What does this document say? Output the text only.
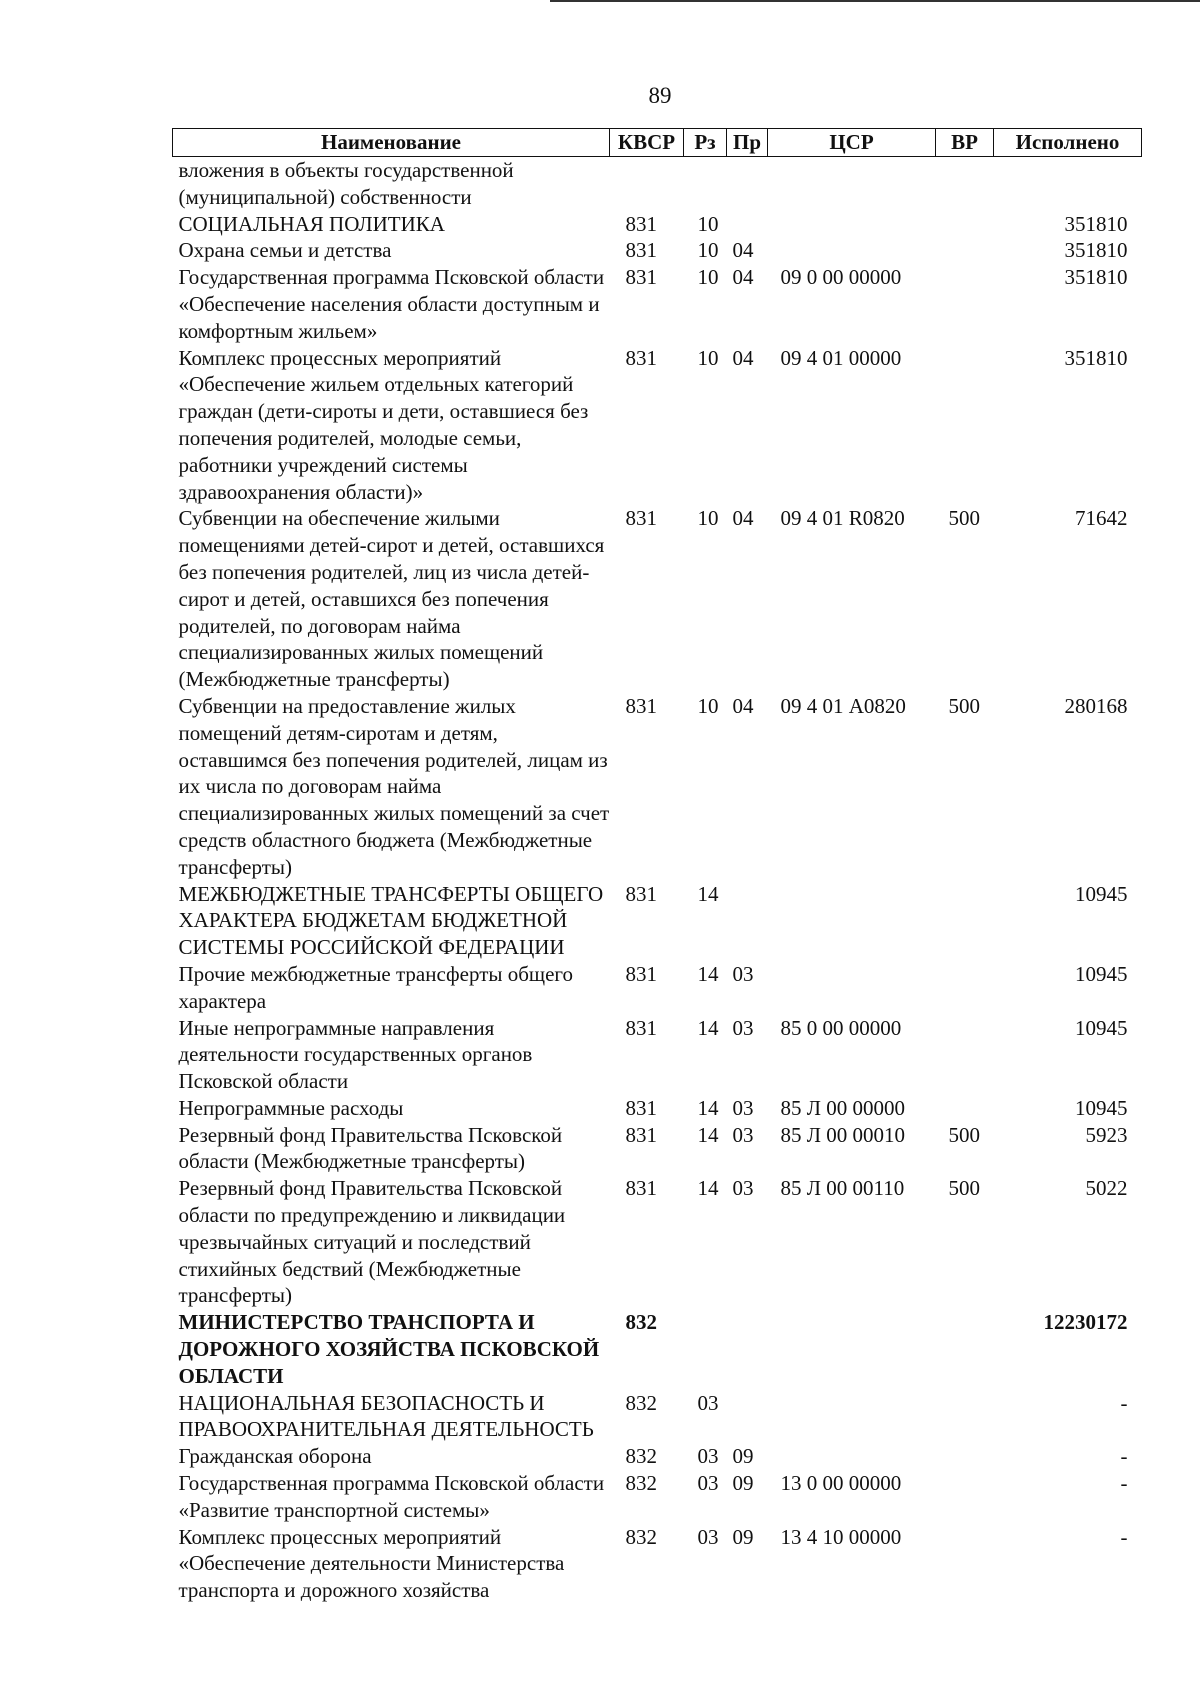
89
Наименование	КВСР	Рз	Пр	ЦСР	ВР	Исполнено
вложения в объекты государственной (муниципальной) собственности						
СОЦИАЛЬНАЯ ПОЛИТИКА	831	10				351810
Охрана семьи и детства	831	10	04			351810
Государственная программа Псковской области «Обеспечение населения области доступным и комфортным жильем»	831	10	04	09 0 00 00000		351810
Комплекс процессных мероприятий «Обеспечение жильем отдельных категорий граждан (дети-сироты и дети, оставшиеся без попечения родителей, молодые семьи, работники учреждений системы здравоохранения области)»	831	10	04	09 4 01 00000		351810
Субвенции на обеспечение жилыми помещениями детей-сирот и детей, оставшихся без попечения родителей, лиц из числа детей-сирот и детей, оставшихся без попечения родителей, по договорам найма специализированных жилых помещений (Межбюджетные трансферты)	831	10	04	09 4 01 R0820	500	71642
Субвенции на предоставление жилых помещений детям-сиротам и детям, оставшимся без попечения родителей, лицам из их числа по договорам найма специализированных жилых помещений за счет средств областного бюджета (Межбюджетные трансферты)	831	10	04	09 4 01 А0820	500	280168
МЕЖБЮДЖЕТНЫЕ ТРАНСФЕРТЫ ОБЩЕГО ХАРАКТЕРА БЮДЖЕТАМ БЮДЖЕТНОЙ СИСТЕМЫ РОССИЙСКОЙ ФЕДЕРАЦИИ	831	14				10945
Прочие межбюджетные трансферты общего характера	831	14	03			10945
Иные непрограммные направления деятельности государственных органов Псковской области	831	14	03	85 0 00 00000		10945
Непрограммные расходы	831	14	03	85 Л 00 00000		10945
Резервный фонд Правительства Псковской области (Межбюджетные трансферты)	831	14	03	85 Л 00 00010	500	5923
Резервный фонд Правительства Псковской области по предупреждению и ликвидации чрезвычайных ситуаций и последствий стихийных бедствий (Межбюджетные трансферты)	831	14	03	85 Л 00 00110	500	5022
МИНИСТЕРСТВО ТРАНСПОРТА И ДОРОЖНОГО ХОЗЯЙСТВА ПСКОВСКОЙ ОБЛАСТИ	832					12230172
НАЦИОНАЛЬНАЯ БЕЗОПАСНОСТЬ И ПРАВООХРАНИТЕЛЬНАЯ ДЕЯТЕЛЬНОСТЬ	832	03				-
Гражданская оборона	832	03	09			-
Государственная программа Псковской области «Развитие транспортной системы»	832	03	09	13 0 00 00000		-
Комплекс процессных мероприятий «Обеспечение деятельности Министерства транспорта и дорожного хозяйства	832	03	09	13 4 10 00000		-
